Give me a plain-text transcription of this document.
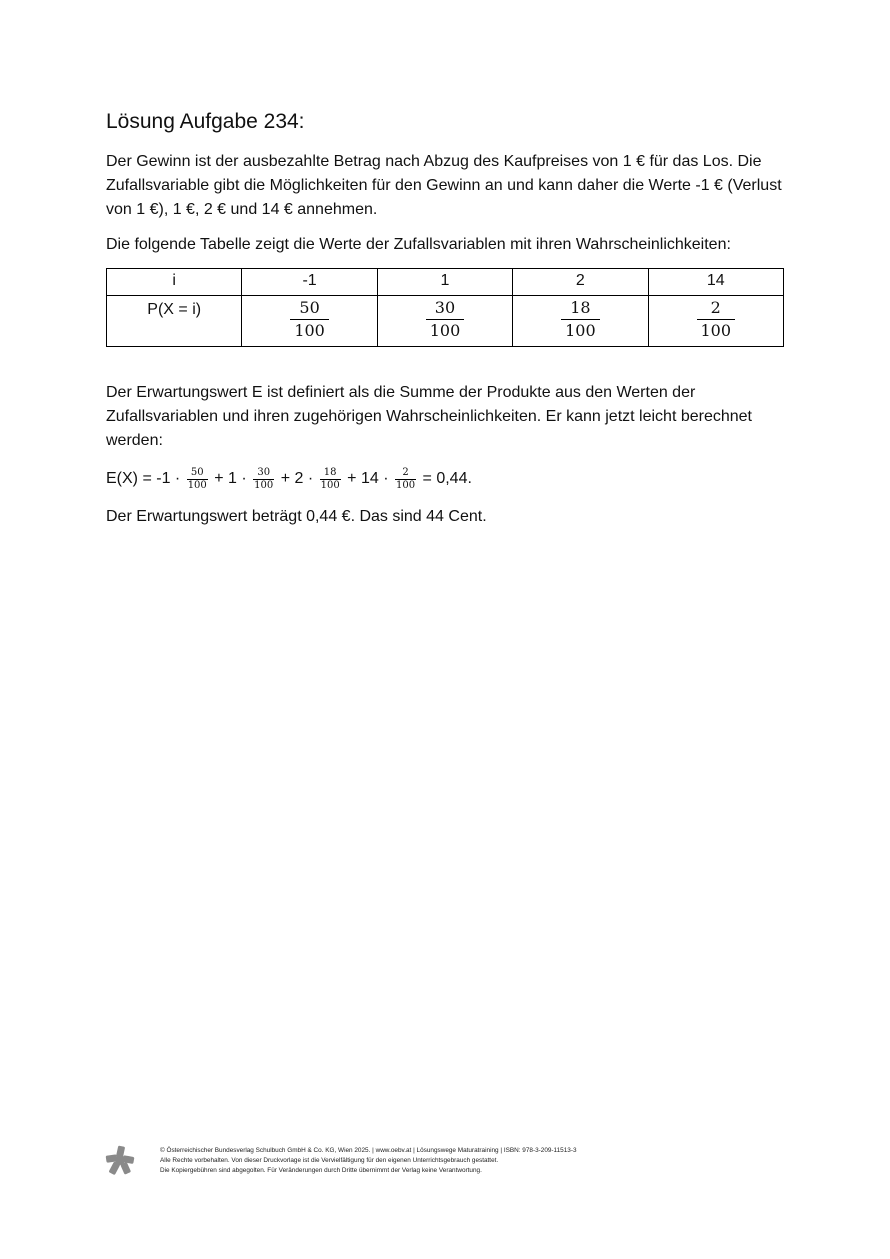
Lösung Aufgabe 234:

Der Gewinn ist der ausbezahlte Betrag nach Abzug des Kaufpreises von 1 € für das Los. Die Zufallsvariable gibt die Möglichkeiten für den Gewinn an und kann daher die Werte -1 € (Verlust von 1 €), 1 €, 2 € und 14 € annehmen.

Die folgende Tabelle zeigt die Werte der Zufallsvariablen mit ihren Wahrscheinlichkeiten:

i	-1	1	2	14
P(X = i)	$\frac{50}{100}$	$\frac{30}{100}$	$\frac{18}{100}$	$\frac{2}{100}$

Der Erwartungswert E ist definiert als die Summe der Produkte aus den Werten der Zufallsvariablen und ihren zugehörigen Wahrscheinlichkeiten. Er kann jetzt leicht berechnet werden:

$E(X) = -1 \cdot \frac{50}{100} + 1 \cdot \frac{30}{100} + 2 \cdot \frac{18}{100} + 14 \cdot \frac{2}{100} = 0,44$.

Der Erwartungswert beträgt 0,44 €. Das sind 44 Cent.

© Österreichischer Bundesverlag Schulbuch GmbH & Co. KG, Wien 2025. | www.oebv.at | Lösungswege Maturatraining | ISBN: 978-3-209-11513-3
Alle Rechte vorbehalten. Von dieser Druckvorlage ist die Vervielfältigung für den eigenen Unterrichtsgebrauch gestattet.
Die Kopiergebühren sind abgegolten. Für Veränderungen durch Dritte übernimmt der Verlag keine Verantwortung.
